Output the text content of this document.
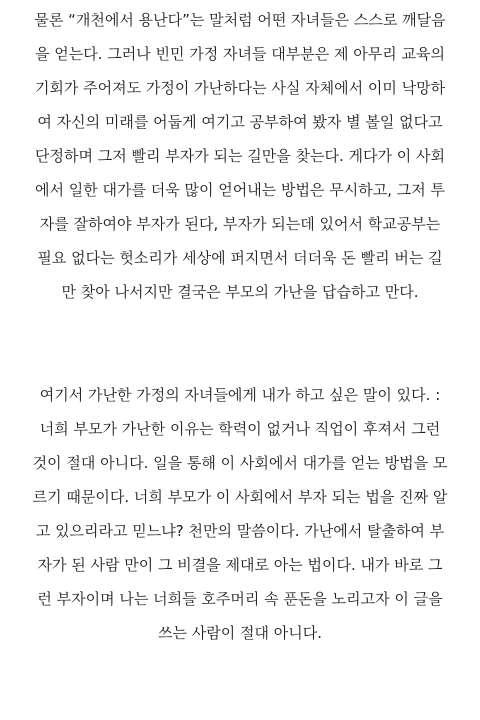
물론 “개천에서 용난다”는 말처럼 어떤 자녀들은 스스로 깨달음
을 얻는다. 그러나 빈민 가정 자녀들 대부분은 제 아무리 교육의
기회가 주어져도 가정이 가난하다는 사실 자체에서 이미 낙망하
여 자신의 미래를 어둡게 여기고 공부하여 봤자 별 볼일 없다고
단정하며 그저 빨리 부자가 되는 길만을 찾는다. 게다가 이 사회
에서 일한 대가를 더욱 많이 얻어내는 방법은 무시하고, 그저 투
자를 잘하여야 부자가 된다, 부자가 되는데 있어서 학교공부는
필요 없다는 헛소리가 세상에 퍼지면서 더더욱 돈 빨리 버는 길
만 찾아 나서지만 결국은 부모의 가난을 답습하고 만다.
여기서 가난한 가정의 자녀들에게 내가 하고 싶은 말이 있다. :
너희 부모가 가난한 이유는 학력이 없거나 직업이 후져서 그런
것이 절대 아니다. 일을 통해 이 사회에서 대가를 얻는 방법을 모
르기 때문이다. 너희 부모가 이 사회에서 부자 되는 법을 진짜 알
고 있으리라고 믿느냐? 천만의 말씀이다. 가난에서 탈출하여 부
자가 된 사람 만이 그 비결을 제대로 아는 법이다. 내가 바로 그
런 부자이며 나는 너희들 호주머리 속 푼돈을 노리고자 이 글을
쓰는 사람이 절대 아니다.
